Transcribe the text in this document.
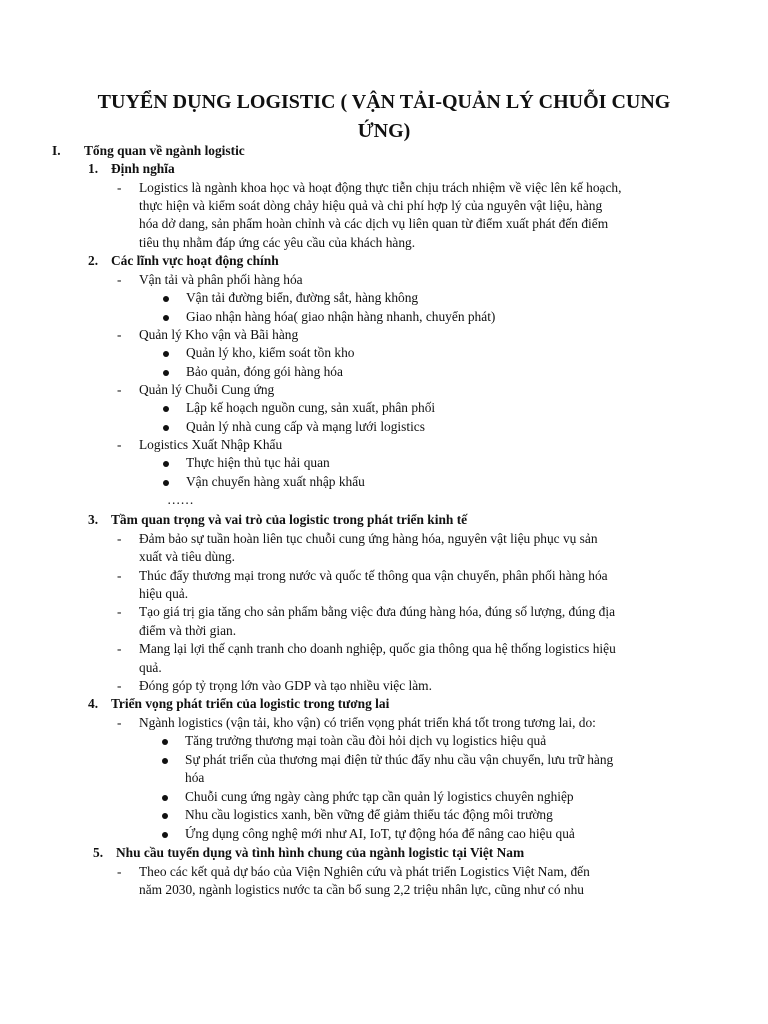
TUYỂN DỤNG LOGISTIC ( VẬN TẢI-QUẢN LÝ CHUỖI CUNG ỨNG)
I. Tổng quan về ngành logistic
1. Định nghĩa
- Logistics là ngành khoa học và hoạt động thực tiễn chịu trách nhiệm về việc lên kế hoạch,
thực hiện và kiểm soát dòng chảy hiệu quả và chi phí hợp lý của nguyên vật liệu, hàng
hóa dở dang, sản phẩm hoàn chỉnh và các dịch vụ liên quan từ điểm xuất phát đến điểm
tiêu thụ nhằm đáp ứng các yêu cầu của khách hàng.
2. Các lĩnh vực hoạt động chính
- Vận tải và phân phối hàng hóa
Vận tải đường biển, đường sắt, hàng không
Giao nhận hàng hóa( giao nhận hàng nhanh, chuyển phát)
- Quản lý Kho vận và Bãi hàng
Quản lý kho, kiểm soát tồn kho
Bảo quản, đóng gói hàng hóa
- Quản lý Chuỗi Cung ứng
Lập kế hoạch nguồn cung, sản xuất, phân phối
Quản lý nhà cung cấp và mạng lưới logistics
- Logistics Xuất Nhập Khẩu
Thực hiện thủ tục hải quan
Vận chuyển hàng xuất nhập khẩu
……
3. Tầm quan trọng và vai trò của logistic trong phát triển kinh tế
- Đảm bảo sự tuần hoàn liên tục chuỗi cung ứng hàng hóa, nguyên vật liệu phục vụ sản
xuất và tiêu dùng.
- Thúc đẩy thương mại trong nước và quốc tế thông qua vận chuyển, phân phối hàng hóa
hiệu quả.
- Tạo giá trị gia tăng cho sản phẩm bằng việc đưa đúng hàng hóa, đúng số lượng, đúng địa
điểm và thời gian.
- Mang lại lợi thế cạnh tranh cho doanh nghiệp, quốc gia thông qua hệ thống logistics hiệu
quả.
- Đóng góp tỷ trọng lớn vào GDP và tạo nhiều việc làm.
4. Triển vọng phát triển của logistic trong tương lai
- Ngành logistics (vận tải, kho vận) có triển vọng phát triển khá tốt trong tương lai, do:
Tăng trưởng thương mại toàn cầu đòi hỏi dịch vụ logistics hiệu quả
Sự phát triển của thương mại điện tử thúc đẩy nhu cầu vận chuyển, lưu trữ hàng
hóa
Chuỗi cung ứng ngày càng phức tạp cần quản lý logistics chuyên nghiệp
Nhu cầu logistics xanh, bền vững để giảm thiểu tác động môi trường
Ứng dụng công nghệ mới như AI, IoT, tự động hóa để nâng cao hiệu quả
5. Nhu cầu tuyển dụng và tình hình chung của ngành logistic tại Việt Nam
- Theo các kết quả dự báo của Viện Nghiên cứu và phát triển Logistics Việt Nam, đến
năm 2030, ngành logistics nước ta cần bổ sung 2,2 triệu nhân lực, cũng như có nhu
